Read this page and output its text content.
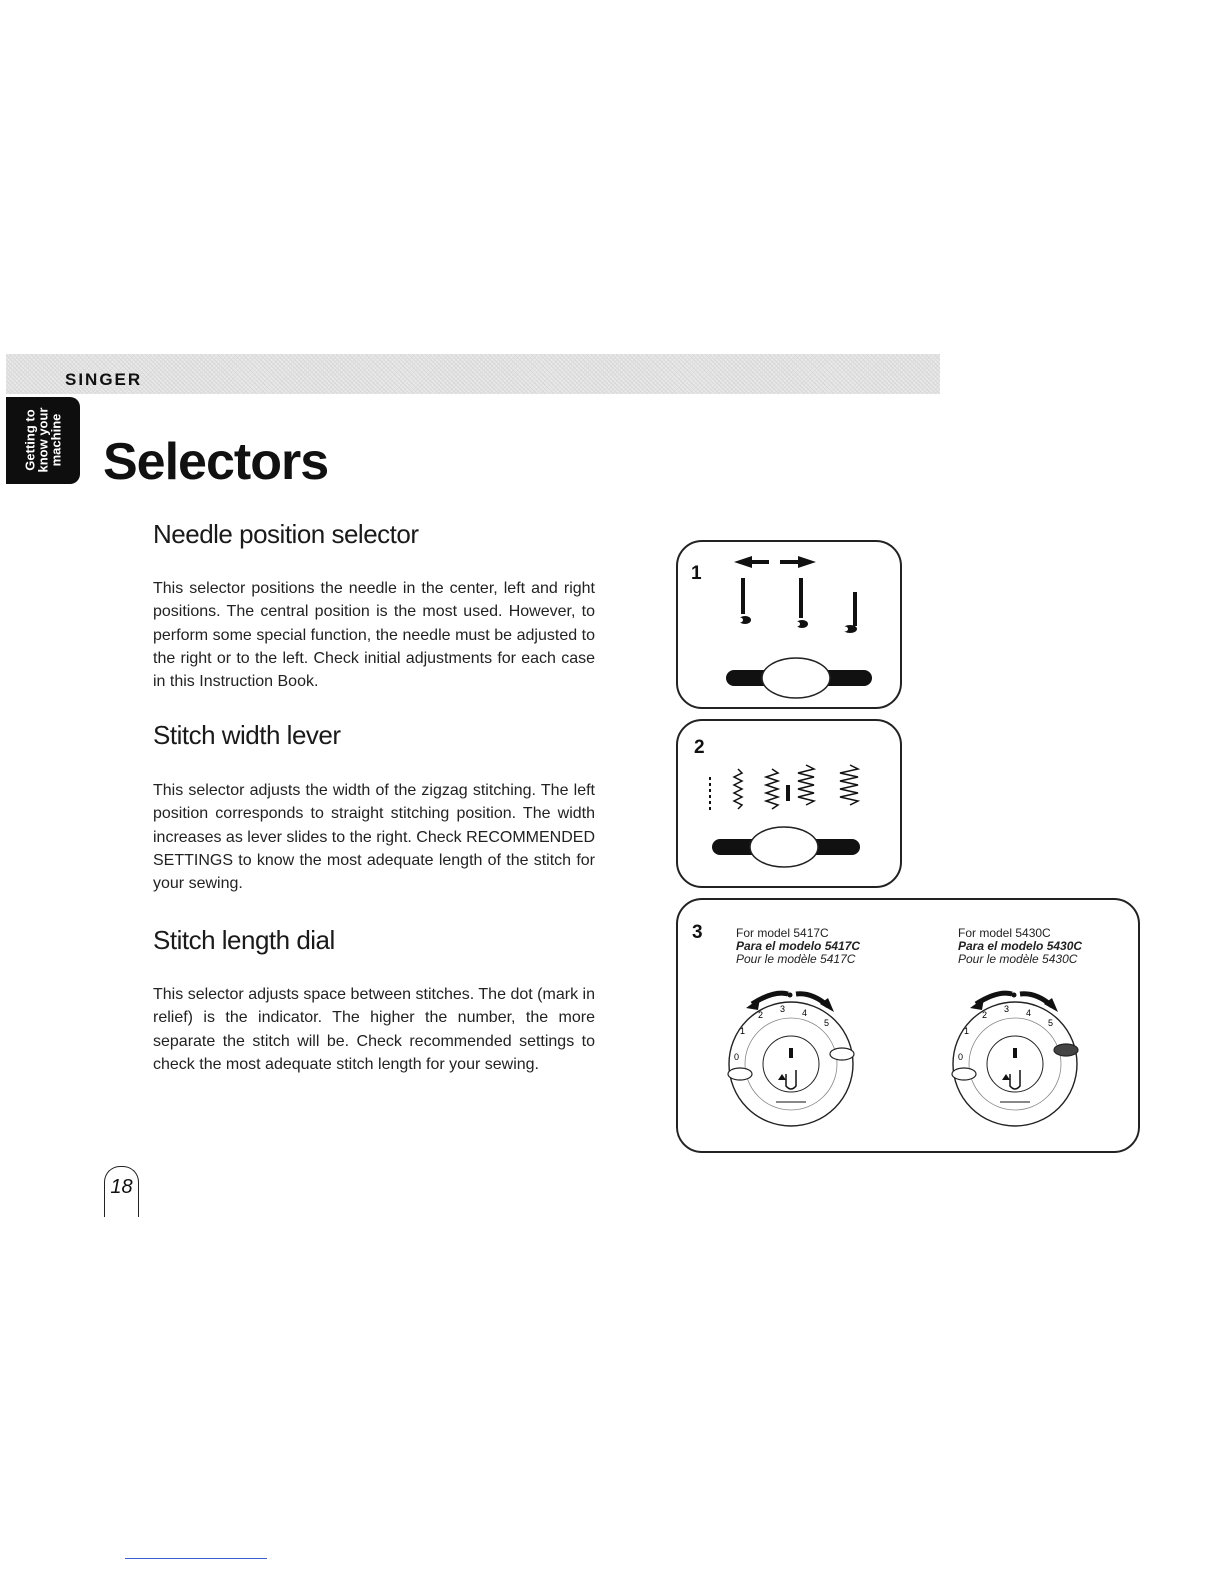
SINGER
Getting to
know your
machine Selectors
Needle position selector

This selector positions the needle in the center, left and right positions. The central position is the most used. However, to perform some special function, the needle must be adjusted to the right or to the left. Check initial adjustments for each case in this Instruction Book.

Stitch width lever

This selector adjusts the width of the zigzag stitching. The left position corresponds to straight stitching position. The width increases as lever slides to the right. Check RECOMMENDED SETTINGS to know the most adequate length of the stitch for your sewing.

Stitch length dial

This selector adjusts space between stitches. The dot (mark in relief) is the indicator. The higher the number, the more separate the stitch will be. Check recommended settings to check the most adequate stitch length for your sewing.

1
2
3	For model 5417C
Para el modelo 5417C
Pour le modèle 5417C
For model 5430C
Para el modelo 5430C
Pour le modèle 5430C
0
1
2
3 4
5
0
1
2
3 4
5
18
